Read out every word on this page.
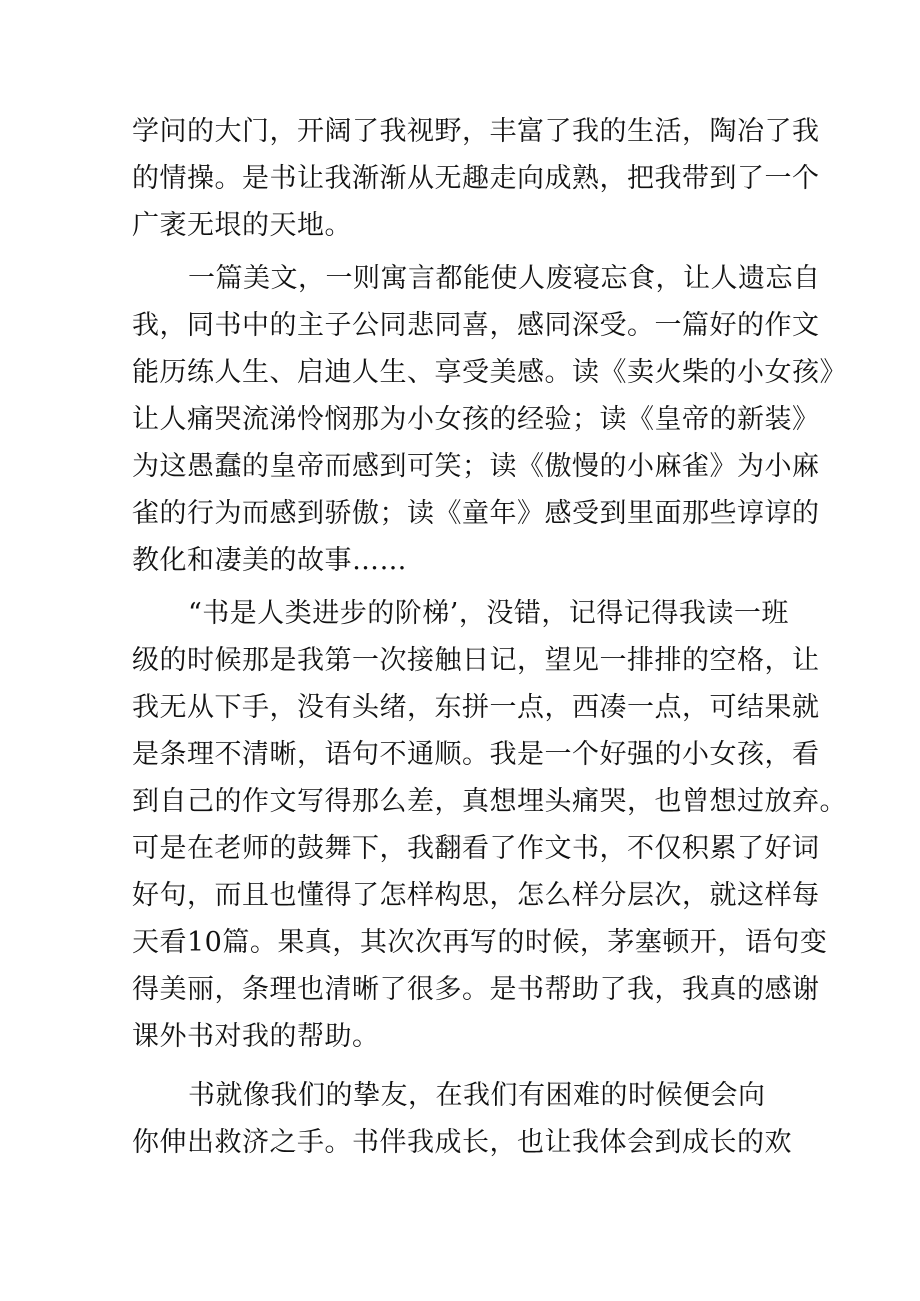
学问的大门，开阔了我视野，丰富了我的生活，陶冶了我
的情操。是书让我渐渐从无趣走向成熟，把我带到了一个
广袤无垠的天地。
一篇美文，一则寓言都能使人废寝忘食，让人遗忘自
我，同书中的主子公同悲同喜，感同深受。一篇好的作文
能历练人生、启迪人生、享受美感。读《卖火柴的小女孩》
让人痛哭流涕怜悯那为小女孩的经验；读《皇帝的新装》
为这愚蠢的皇帝而感到可笑；读《傲慢的小麻雀》为小麻
雀的行为而感到骄傲；读《童年》感受到里面那些谆谆的
教化和凄美的故事……
“书是人类进步的阶梯’，没错，记得记得我读一班
级的时候那是我第一次接触日记，望见一排排的空格，让
我无从下手，没有头绪，东拼一点，西凑一点，可结果就
是条理不清晰，语句不通顺。我是一个好强的小女孩，看
到自己的作文写得那么差，真想埋头痛哭，也曾想过放弃。
可是在老师的鼓舞下，我翻看了作文书，不仅积累了好词
好句，而且也懂得了怎样构思，怎么样分层次，就这样每
天看10篇。果真，其次次再写的时候，茅塞顿开，语句变
得美丽，条理也清晰了很多。是书帮助了我，我真的感谢
课外书对我的帮助。
书就像我们的挚友，在我们有困难的时候便会向
你伸出救济之手。书伴我成长，也让我体会到成长的欢
